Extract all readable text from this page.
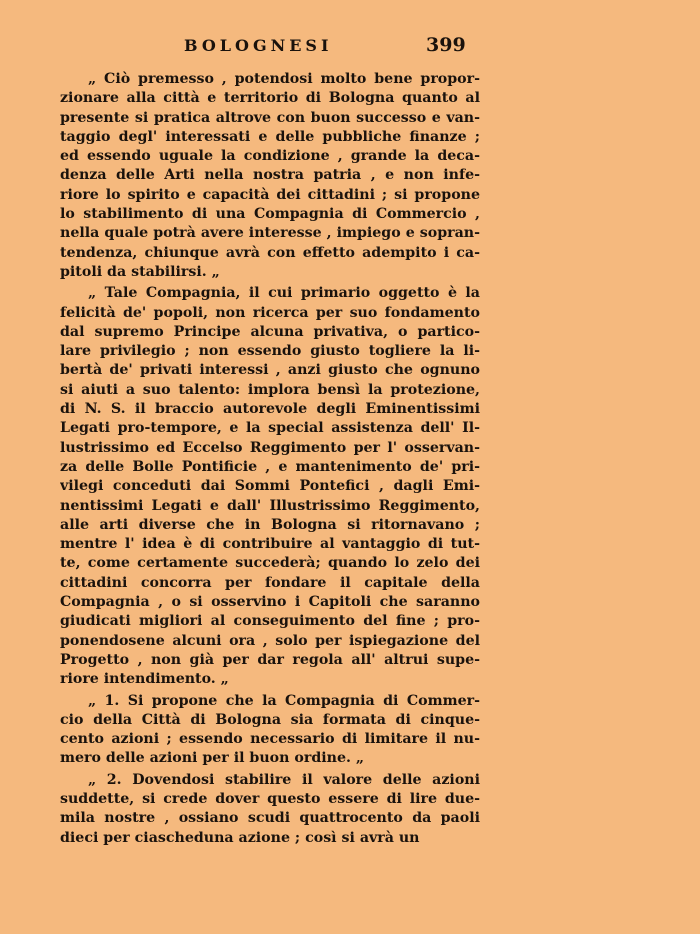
BOLOGNESI	399
„ Ciò premesso , potendosi molto bene propor-
zionare alla città e territorio di Bologna quanto al
presente si pratica altrove con buon successo e van-
taggio degl' interessati e delle pubbliche finanze ;
ed essendo uguale la condizione , grande la deca-
denza delle Arti nella nostra patria , e non infe-
riore lo spirito e capacità dei cittadini ; si propone
lo stabilimento di una Compagnia di Commercio ,
nella quale potrà avere interesse , impiego e sopran-
tendenza, chiunque avrà con effetto adempito i ca-
pitoli da stabilirsi. „
„ Tale Compagnia, il cui primario oggetto è la
felicità de' popoli, non ricerca per suo fondamento
dal supremo Principe alcuna privativa, o partico-
lare privilegio ; non essendo giusto togliere la li-
bertà de' privati interessi , anzi giusto che ognuno
si aiuti a suo talento: implora bensì la protezione,
di N. S. il braccio autorevole degli Eminentissimi
Legati pro-tempore, e la special assistenza dell' Il-
lustrissimo ed Eccelso Reggimento per l' osservan-
za delle Bolle Pontificie , e mantenimento de' pri-
vilegi conceduti dai Sommi Pontefici , dagli Emi-
nentissimi Legati e dall' Illustrissimo Reggimento,
alle arti diverse che in Bologna si ritornavano ;
mentre l' idea è di contribuire al vantaggio di tut-
te, come certamente succederà; quando lo zelo dei
cittadini concorra per fondare il capitale della
Compagnia , o si osservino i Capitoli che saranno
giudicati migliori al conseguimento del fine ; pro-
ponendosene alcuni ora , solo per ispiegazione del
Progetto , non già per dar regola all' altrui supe-
riore intendimento. „
„ 1. Si propone che la Compagnia di Commer-
cio della Città di Bologna sia formata di cinque-
cento azioni ; essendo necessario di limitare il nu-
mero delle azioni per il buon ordine. „
„ 2. Dovendosi stabilire il valore delle azioni
suddette, si crede dover questo essere di lire due-
mila nostre , ossiano scudi quattrocento da paoli
dieci per ciascheduna azione ; così si avrà un
